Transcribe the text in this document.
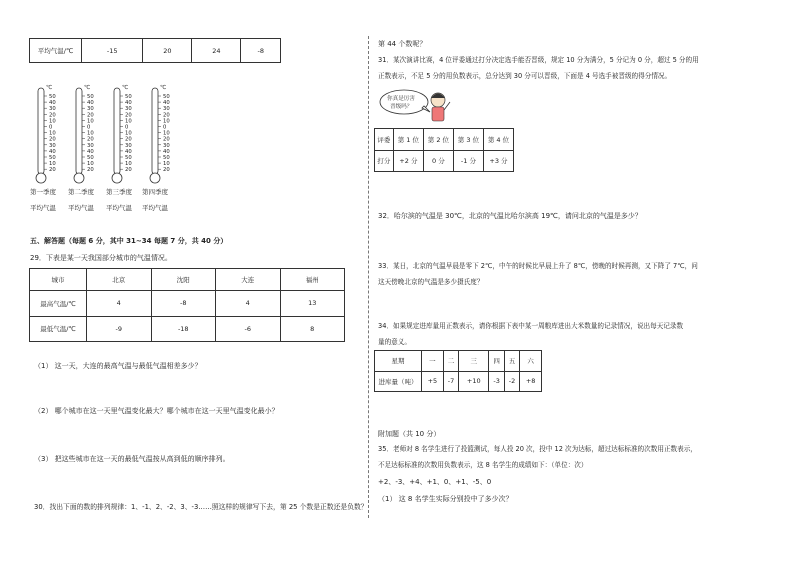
平均气温/℃	-15	20	24	-8
℃
50
40
30
20
10
0
10
20
30
40
50
10
20
℃
50
40
30
20
10
0
10
20
30
40
50
10
20
℃
50
40
30
20
10
0
10
20
30
40
50
10
20
℃
50
40
30
20
10
0
10
20
30
40
50
10
20
第一季度
平均气温
第二季度
平均气温
第三季度
平均气温
第四季度
平均气温
五、解答题（每题 6 分，其中 31~34 每题 7 分，共 40 分）
29．下表是某一天我国部分城市的气温情况。
城市	北京	沈阳	大连	福州
最高气温/℃	4	-8	4	13
最低气温/℃	-9	-18	-6	8
（1） 这一天，大连的最高气温与最低气温相差多少？
（2） 哪个城市在这一天里气温变化最大？哪个城市在这一天里气温变化最小？
（3） 把这些城市在这一天的最低气温按从高到低的顺序排列。
30．找出下面的数的排列规律：1、-1、2、-2、3、-3……照这样的规律写下去，第 25 个数是正数还是负数？
第 44 个数呢？
31．某次演讲比赛，4 位评委通过打分决定选手能否晋级，规定 10 分为满分，5 分记为 0 分，超过 5 分的用
正数表示，不足 5 分的用负数表示，总分达到 30 分可以晋级，下面是 4 号选手被晋级的得分情况。
你真是厉害
晋级吗？
评委	第 1 位	第 2 位	第 3 位	第 4 位
打分	+2 分	0 分	-1 分	+3 分
32．哈尔滨的气温是 30℃，北京的气温比哈尔滨高 19℃，请问北京的气温是多少？
33．某日，北京的气温早晨是零下 2℃，中午的时候比早晨上升了 8℃，傍晚的时候再测，又下降了 7℃，问
这天傍晚北京的气温是多少摄氏度？
34．如果规定进库量用正数表示，请你根据下表中某一周粮库进出大米数量的记录情况，说出每天记录数
量的意义。
星期	一	二	三	四	五	六
进库量（吨）	+5	-7	+10	-3	-2	+8
附加题（共 10 分）
35．老师对 8 名学生进行了投篮测试，每人投 20 次，投中 12 次为达标，超过达标标准的次数用正数表示，
不足达标标准的次数用负数表示，这 8 名学生的成绩如下：（单位：次）
+2、-3、+4、+1、0、+1、-5、0
（1） 这 8 名学生实际分别投中了多少次？
